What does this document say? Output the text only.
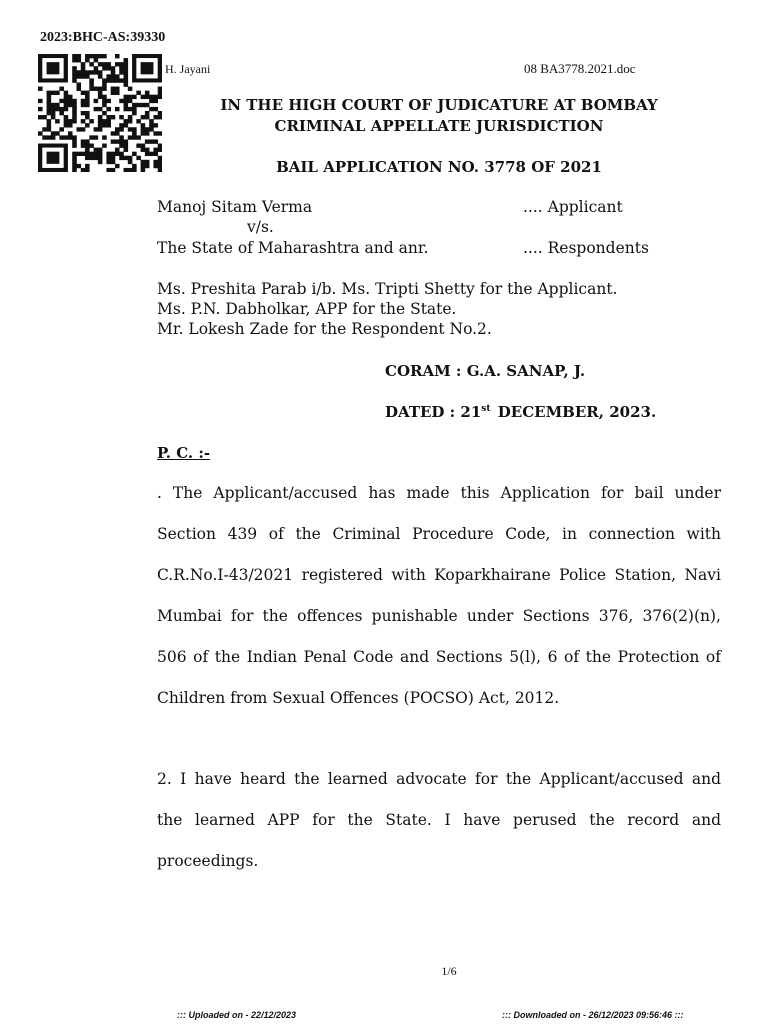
2023:BHC-AS:39330
H. Jayani	08 BA3778.2021.doc
IN THE HIGH COURT OF JUDICATURE AT BOMBAY
CRIMINAL APPELLATE JURISDICTION
BAIL APPLICATION NO. 3778 OF 2021
Manoj Sitam Verma	.... Applicant
v/s.
The State of Maharashtra and anr.	.... Respondents
Ms. Preshita Parab i/b. Ms. Tripti Shetty for the Applicant.
Ms. P.N. Dabholkar, APP for the State.
Mr. Lokesh Zade for the Respondent No.2.
CORAM : G.A. SANAP, J.
DATED : 21st DECEMBER, 2023.
P. C. :-
. The Applicant/accused has made this Application for bail under
Section 439 of the Criminal Procedure Code, in connection with
C.R.No.I-43/2021 registered with Koparkhairane Police Station, Navi
Mumbai for the offences punishable under Sections 376, 376(2)(n),
506 of the Indian Penal Code and Sections 5(l), 6 of the Protection of
Children from Sexual Offences (POCSO) Act, 2012.
2. I have heard the learned advocate for the Applicant/accused and
the learned APP for the State. I have perused the record and
proceedings.
1/6
::: Uploaded on - 22/12/2023	::: Downloaded on - 26/12/2023 09:56:46 :::
